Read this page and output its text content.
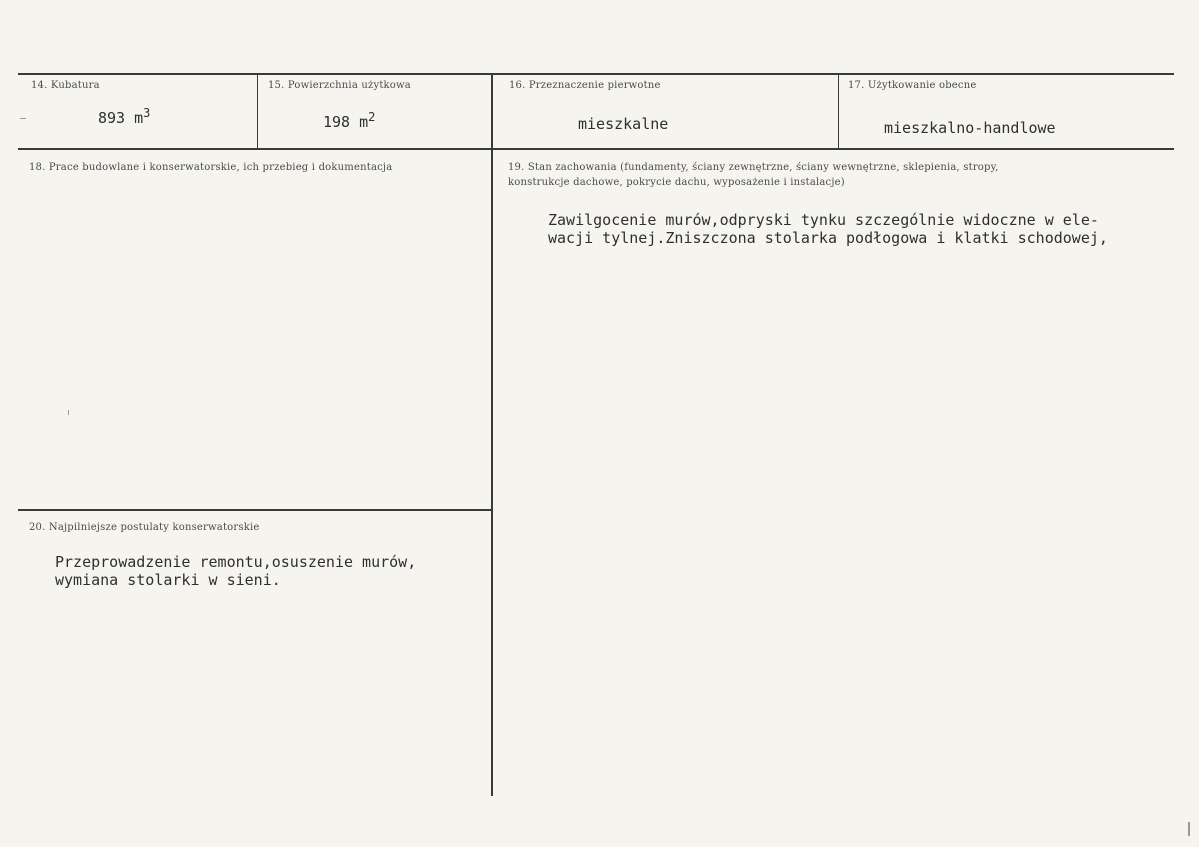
14. Kubatura
893 $m^3$
15. Powierzchnia użytkowa
198 $m^2$
16. Przeznaczenie pierwotne
mieszkalne
17. Użytkowanie obecne
mieszkalno-handlowe
18. Prace budowlane i konserwatorskie, ich przebieg i dokumentacja	19. Stan zachowania (fundamenty, ściany zewnętrzne, ściany wewnętrzne, sklepienia, stropy,
konstrukcje dachowe, pokrycie dachu, wyposażenie i instalacje)
Zawilgocenie murów,odpryski tynku szczególnie widoczne w ele-
wacji tylnej.Zniszczona stolarka podłogowa i klatki schodowej,
20. Najpilniejsze postulaty konserwatorskie
Przeprowadzenie remontu,osuszenie murów,
wymiana stolarki w sieni.
